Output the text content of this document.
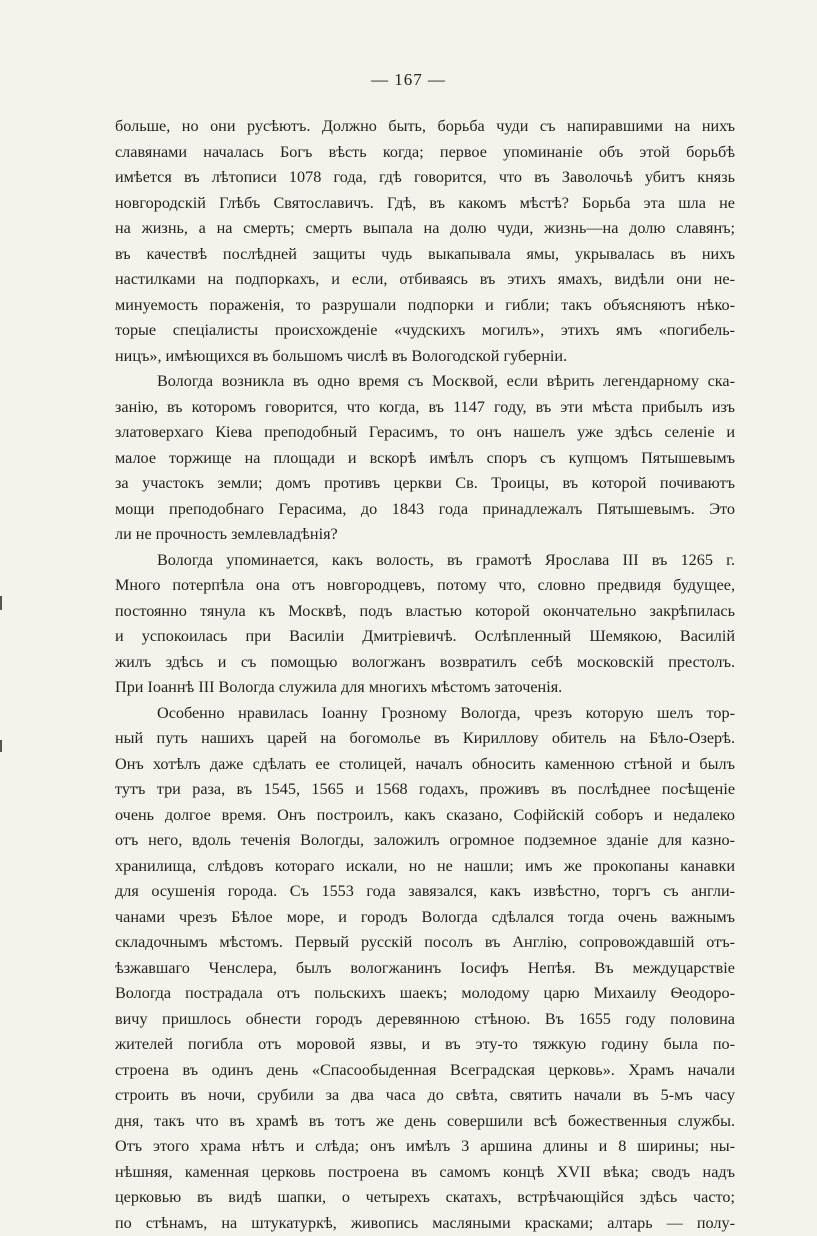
— 167 —
больше, но они русѣютъ. Должно быть, борьба чуди съ напиравшими на нихъ
славянами началась Богъ вѣсть когда; первое упоминаніе объ этой борьбѣ
имѣется въ лѣтописи 1078 года, гдѣ говорится, что въ Заволочьѣ убитъ князь
новгородскій Глѣбъ Святославичъ. Гдѣ, въ какомъ мѣстѣ? Борьба эта шла не
на жизнь, а на смерть; смерть выпала на долю чуди, жизнь—на долю славянъ;
въ качествѣ послѣдней защиты чудь выкапывала ямы, укрывалась въ нихъ
настилками на подпоркахъ, и если, отбиваясь въ этихъ ямахъ, видѣли они не-
минуемость пораженія, то разрушали подпорки и гибли; такъ объясняютъ нѣко-
торые спеціалисты происхожденіе «чудскихъ могилъ», этихъ ямъ «погибель-
ницъ», имѣющихся въ большомъ числѣ въ Вологодской губерніи.
Вологда возникла въ одно время съ Москвой, если вѣрить легендарному ска-
занію, въ которомъ говорится, что когда, въ 1147 году, въ эти мѣста прибылъ изъ
златоверхаго Кіева преподобный Герасимъ, то онъ нашелъ уже здѣсь селеніе и
малое торжище на площади и вскорѣ имѣлъ споръ съ купцомъ Пятышевымъ
за участокъ земли; домъ противъ церкви Св. Троицы, въ которой почиваютъ
мощи преподобнаго Герасима, до 1843 года принадлежалъ Пятышевымъ. Это
ли не прочность землевладѣнія?
Вологда упоминается, какъ волость, въ грамотѣ Ярослава III въ 1265 г.
Много потерпѣла она отъ новгородцевъ, потому что, словно предвидя будущее,
постоянно тянула къ Москвѣ, подъ властью которой окончательно закрѣпилась
и успокоилась при Василіи Дмитріевичѣ. Ослѣпленный Шемякою, Василій
жилъ здѣсь и съ помощью вологжанъ возвратилъ себѣ московскій престолъ.
При Іоаннѣ III Вологда служила для многихъ мѣстомъ заточенія.
Особенно нравилась Іоанну Грозному Вологда, чрезъ которую шелъ тор-
ный путь нашихъ царей на богомолье въ Кириллову обитель на Бѣло-Озерѣ.
Онъ хотѣлъ даже сдѣлать ее столицей, началъ обносить каменною стѣной и былъ
тутъ три раза, въ 1545, 1565 и 1568 годахъ, проживъ въ послѣднее посѣщеніе
очень долгое время. Онъ построилъ, какъ сказано, Софійскій соборъ и недалеко
отъ него, вдоль теченія Вологды, заложилъ огромное подземное зданіе для казно-
хранилища, слѣдовъ котораго искали, но не нашли; имъ же прокопаны канавки
для осушенія города. Съ 1553 года завязался, какъ извѣстно, торгъ съ англи-
чанами чрезъ Бѣлое море, и городъ Вологда сдѣлался тогда очень важнымъ
складочнымъ мѣстомъ. Первый русскій посолъ въ Англію, сопровождавшій отъ-
ѣзжавшаго Ченслера, былъ вологжанинъ Іосифъ Непѣя. Въ междуцарствіе
Вологда пострадала отъ польскихъ шаекъ; молодому царю Михаилу Ѳеодоро-
вичу пришлось обнести городъ деревянною стѣною. Въ 1655 году половина
жителей погибла отъ моровой язвы, и въ эту-то тяжкую годину была по-
строена въ одинъ день «Спасообыденная Всеградская церковь». Храмъ начали
строить въ ночи, срубили за два часа до свѣта, святить начали въ 5-мъ часу
дня, такъ что въ храмѣ въ тотъ же день совершили всѣ божественныя службы.
Отъ этого храма нѣтъ и слѣда; онъ имѣлъ 3 аршина длины и 8 ширины; ны-
нѣшняя, каменная церковь построена въ самомъ концѣ XVII вѣка; сводъ надъ
церковью въ видѣ шапки, о четырехъ скатахъ, встрѣчающійся здѣсь часто;
по стѣнамъ, на штукатуркѣ, живопись масляными красками; алтарь — полу-
